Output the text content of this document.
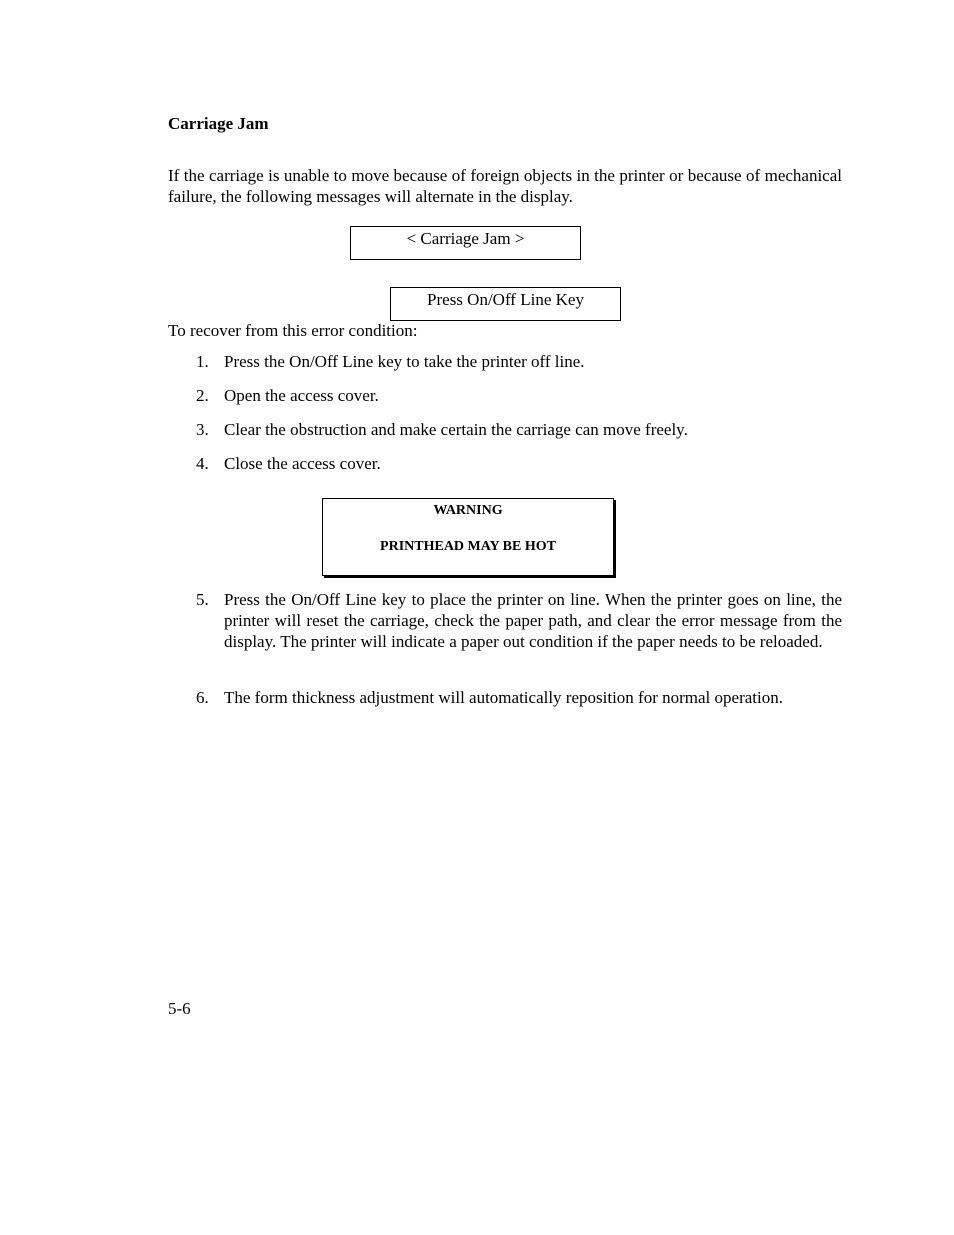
Carriage Jam

If the carriage is unable to move because of foreign objects in the printer or because of mechanical failure, the following messages will alternate in the display.

< Carriage Jam >
Press On/Off Line Key

To recover from this error condition:

1. Press the On/Off Line key to take the printer off line.
2. Open the access cover.
3. Clear the obstruction and make certain the carriage can move freely.
4. Close the access cover.
WARNING
PRINTHEAD MAY BE HOT
5. Press the On/Off Line key to place the printer on line. When the printer goes on line, the printer will reset the carriage, check the paper path, and clear the error message from the display. The printer will indicate a paper out condition if the paper needs to be reloaded.
6. The form thickness adjustment will automatically reposition for normal operation.
5-6
